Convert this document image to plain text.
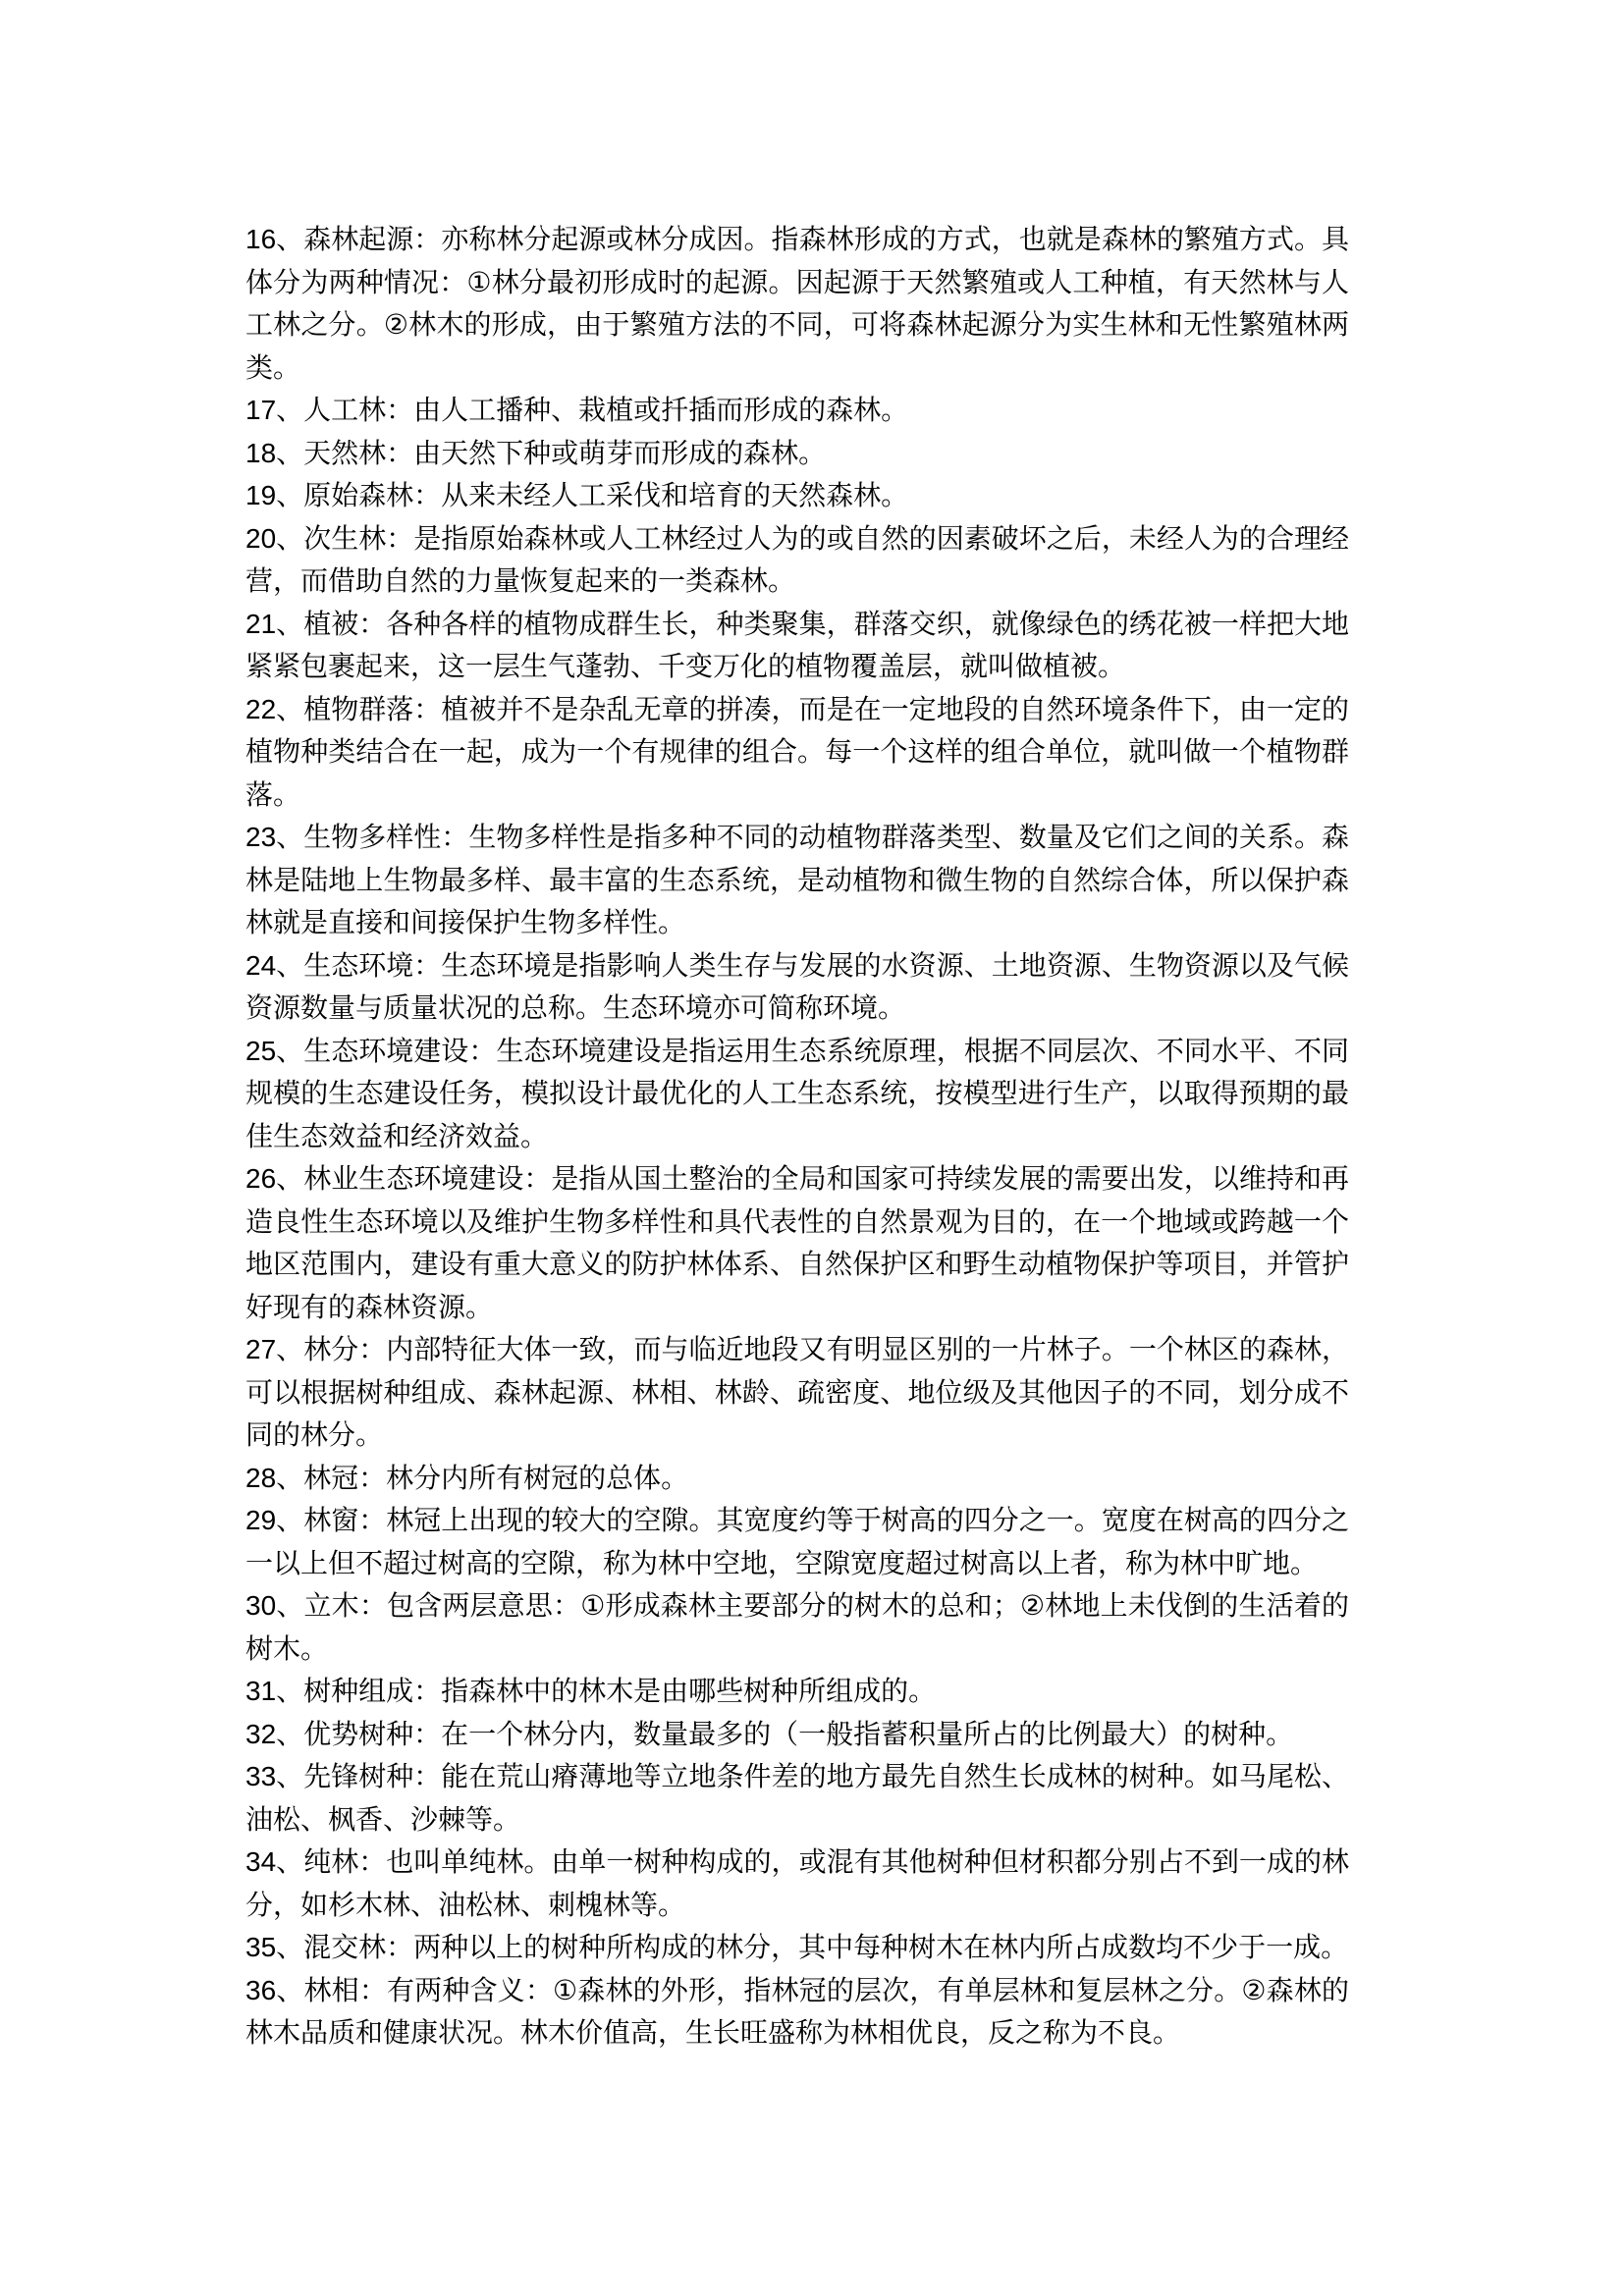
16、森林起源：亦称林分起源或林分成因。指森林形成的方式，也就是森林的繁殖方式。具体分为两种情况：①林分最初形成时的起源。因起源于天然繁殖或人工种植，有天然林与人工林之分。②林木的形成，由于繁殖方法的不同，可将森林起源分为实生林和无性繁殖林两类。

17、人工林：由人工播种、栽植或扦插而形成的森林。

18、天然林：由天然下种或萌芽而形成的森林。

19、原始森林：从来未经人工采伐和培育的天然森林。

20、次生林：是指原始森林或人工林经过人为的或自然的因素破坏之后，未经人为的合理经营，而借助自然的力量恢复起来的一类森林。

21、植被：各种各样的植物成群生长，种类聚集，群落交织，就像绿色的绣花被一样把大地紧紧包裹起来，这一层生气蓬勃、千变万化的植物覆盖层，就叫做植被。

22、植物群落：植被并不是杂乱无章的拼凑，而是在一定地段的自然环境条件下，由一定的植物种类结合在一起，成为一个有规律的组合。每一个这样的组合单位，就叫做一个植物群落。

23、生物多样性：生物多样性是指多种不同的动植物群落类型、数量及它们之间的关系。森林是陆地上生物最多样、最丰富的生态系统，是动植物和微生物的自然综合体，所以保护森林就是直接和间接保护生物多样性。

24、生态环境：生态环境是指影响人类生存与发展的水资源、土地资源、生物资源以及气候资源数量与质量状况的总称。生态环境亦可简称环境。

25、生态环境建设：生态环境建设是指运用生态系统原理，根据不同层次、不同水平、不同规模的生态建设任务，模拟设计最优化的人工生态系统，按模型进行生产，以取得预期的最佳生态效益和经济效益。

26、林业生态环境建设：是指从国土整治的全局和国家可持续发展的需要出发，以维持和再造良性生态环境以及维护生物多样性和具代表性的自然景观为目的，在一个地域或跨越一个地区范围内，建设有重大意义的防护林体系、自然保护区和野生动植物保护等项目，并管护好现有的森林资源。

27、林分：内部特征大体一致，而与临近地段又有明显区别的一片林子。一个林区的森林，可以根据树种组成、森林起源、林相、林龄、疏密度、地位级及其他因子的不同，划分成不同的林分。

28、林冠：林分内所有树冠的总体。

29、林窗：林冠上出现的较大的空隙。其宽度约等于树高的四分之一。宽度在树高的四分之一以上但不超过树高的空隙，称为林中空地，空隙宽度超过树高以上者，称为林中旷地。

30、立木：包含两层意思：①形成森林主要部分的树木的总和；②林地上未伐倒的生活着的树木。

31、树种组成：指森林中的林木是由哪些树种所组成的。

32、优势树种：在一个林分内，数量最多的（一般指蓄积量所占的比例最大）的树种。

33、先锋树种：能在荒山瘠薄地等立地条件差的地方最先自然生长成林的树种。如马尾松、油松、枫香、沙棘等。

34、纯林：也叫单纯林。由单一树种构成的，或混有其他树种但材积都分别占不到一成的林分，如杉木林、油松林、刺槐林等。

35、混交林：两种以上的树种所构成的林分，其中每种树木在林内所占成数均不少于一成。

36、林相：有两种含义：①森林的外形，指林冠的层次，有单层林和复层林之分。②森林的林木品质和健康状况。林木价值高，生长旺盛称为林相优良，反之称为不良。
